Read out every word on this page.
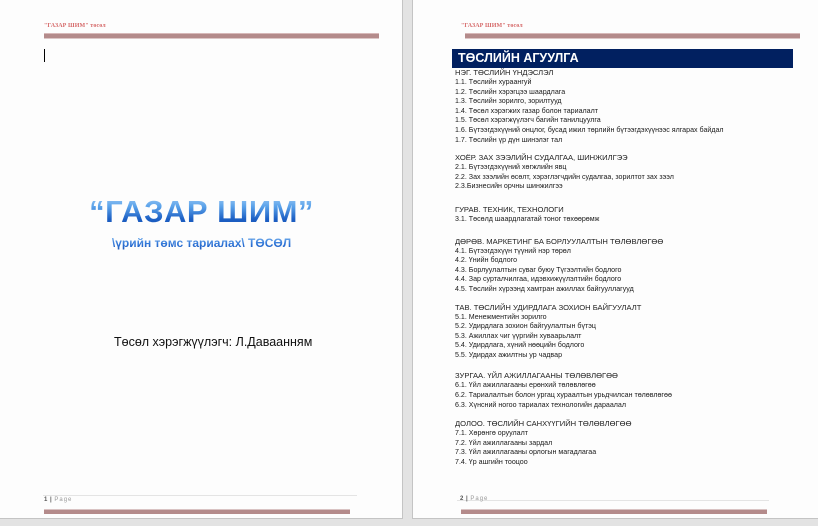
"ГАЗАР ШИМ" төсөл
“ГАЗАР ШИМ”
\үрийн төмс тариалах\ ТӨСӨЛ
Төсөл хэрэгжүүлэгч: Л.Даваанням
1 | Page
"ГАЗАР ШИМ" төсөл
2 | Page
ТӨСЛИЙН АГУУЛГА
НЭГ. ТӨСЛИЙН ҮНДЭСЛЭЛ
1.1. Төслийн хураангуй
1.2. Төслийн хэрэгцээ шаардлага
1.3. Төслийн зорилго, зорилтууд
1.4. Төсөл хэрэгжих газар болон тариалалт
1.5. Төсөл хэрэгжүүлэгч багийн танилцуулга
1.6. Бүтээгдэхүүний онцлог, бусад ижил төрлийн бүтээгдэхүүнээс ялгарах байдал
1.7. Төслийн үр дүн шинэлэг тал
ХОЁР. ЗАХ ЗЭЭЛИЙН СУДАЛГАА, ШИНЖИЛГЭЭ
2.1. Бүтээгдэхүүний хөгжлийн явц
2.2. Зах зээлийн өсөлт, хэрэглэгчдийн судалгаа, зорилтот зах зээл
2.3.Бизнесийн орчны шинжилгээ
ГУРАВ. ТЕХНИК, ТЕХНОЛОГИ
3.1. Төсөлд шаардлагатай тоног төхөөрөмж
ДӨРӨВ. МАРКЕТИНГ БА БОРЛУУЛАЛТЫН ТӨЛӨВЛӨГӨӨ
4.1. Бүтээгдэхүүн түүний нэр төрөл
4.2. Үнийн бодлого
4.3. Борлуулалтын суваг буюу Түгээлтийн бодлого
4.4. Зар сурталчилгаа, идэвхижүүлэлтийн бодлого
4.5. Төслийн хүрээнд хамтран ажиллах байгууллагууд
ТАВ. ТӨСЛИЙН УДИРДЛАГА ЗОХИОН БАЙГУУЛАЛТ
5.1. Менежментийн зорилго
5.2. Удирдлага зохион байгуулалтын бүтэц
5.3. Ажиллах чиг үүргийн хуваарьлалт
5.4. Удирдлага, хүний нөөцийн бодлого
5.5. Удирдах ажилтны ур чадвар
ЗУРГАА. ҮЙЛ АЖИЛЛАГААНЫ ТӨЛӨВЛӨГӨӨ
6.1. Үйл ажиллагааны ерөнхий төлөвлөгөө
6.2. Тариалалтын болон ургац хураалтын урьдчилсан төлөвлөгөө
6.3. Хүнсний ногоо тариалах технологийн дараалал
ДОЛОО. ТӨСЛИЙН САНХҮҮГИЙН ТӨЛӨВЛӨГӨӨ
7.1. Хөрөнгө оруулалт
7.2. Үйл ажиллагааны зардал
7.3. Үйл ажиллагааны орлогын магадлагаа
7.4. Үр ашгийн тооцоо
